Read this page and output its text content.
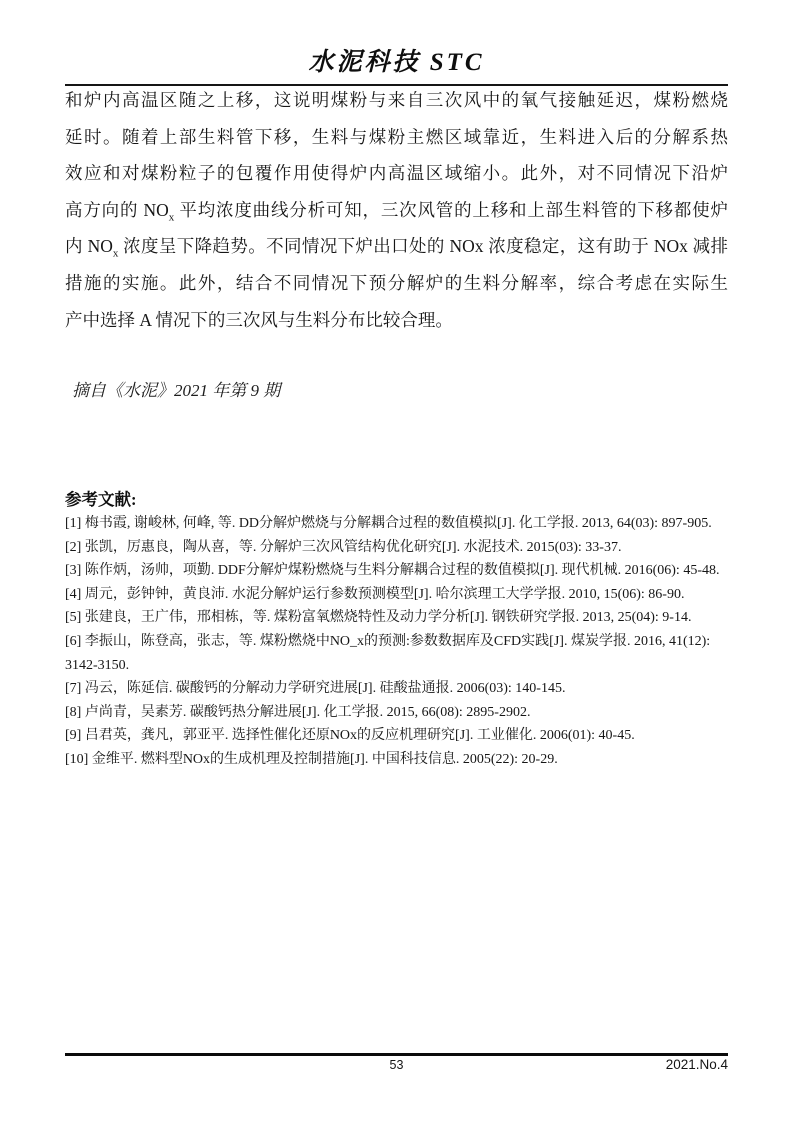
水泥科技 STC
和炉内高温区随之上移，这说明煤粉与来自三次风中的氧气接触延迟，煤粉燃烧
延时。随着上部生料管下移，生料与煤粉主燃区域靠近，生料进入后的分解系热
效应和对煤粉粒子的包覆作用使得炉内高温区域缩小。此外，对不同情况下沿炉
高方向的 $NO_x$ 平均浓度曲线分析可知，三次风管的上移和上部生料管的下移都使炉
内 $NO_x$ 浓度呈下降趋势。不同情况下炉出口处的 NOx 浓度稳定，这有助于 NOx 减排
措施的实施。此外，结合不同情况下预分解炉的生料分解率，综合考虑在实际生
产中选择 A 情况下的三次风与生料分布比较合理。
摘自《水泥》2021 年第 9 期
参考文献:
[1] 梅书霞, 谢峻林, 何峰, 等. DD分解炉燃烧与分解耦合过程的数值模拟[J]. 化工学报. 2013, 64(03): 897-905.
[2] 张凯，厉惠良，陶从喜，等. 分解炉三次风管结构优化研究[J]. 水泥技术. 2015(03): 33-37.
[3] 陈作炳，汤帅，项勤. DDF分解炉煤粉燃烧与生料分解耦合过程的数值模拟[J]. 现代机械. 2016(06): 45-48.
[4] 周元，彭钟钟，黄良沛. 水泥分解炉运行参数预测模型[J]. 哈尔滨理工大学学报. 2010, 15(06): 86-90.
[5] 张建良，王广伟，邢相栋，等. 煤粉富氧燃烧特性及动力学分析[J]. 钢铁研究学报. 2013, 25(04): 9-14.
[6] 李振山，陈登高，张志，等. 煤粉燃烧中NO_x的预测:参数数据库及CFD实践[J]. 煤炭学报. 2016, 41(12):
3142-3150.
[7] 冯云，陈延信. 碳酸钙的分解动力学研究进展[J]. 硅酸盐通报. 2006(03): 140-145.
[8] 卢尚青，吴素芳. 碳酸钙热分解进展[J]. 化工学报. 2015, 66(08): 2895-2902.
[9] 吕君英，龚凡，郭亚平. 选择性催化还原NOx的反应机理研究[J]. 工业催化. 2006(01): 40-45.
[10] 金维平. 燃料型NOx的生成机理及控制措施[J]. 中国科技信息. 2005(22): 20-29.
53	2021.No.4
